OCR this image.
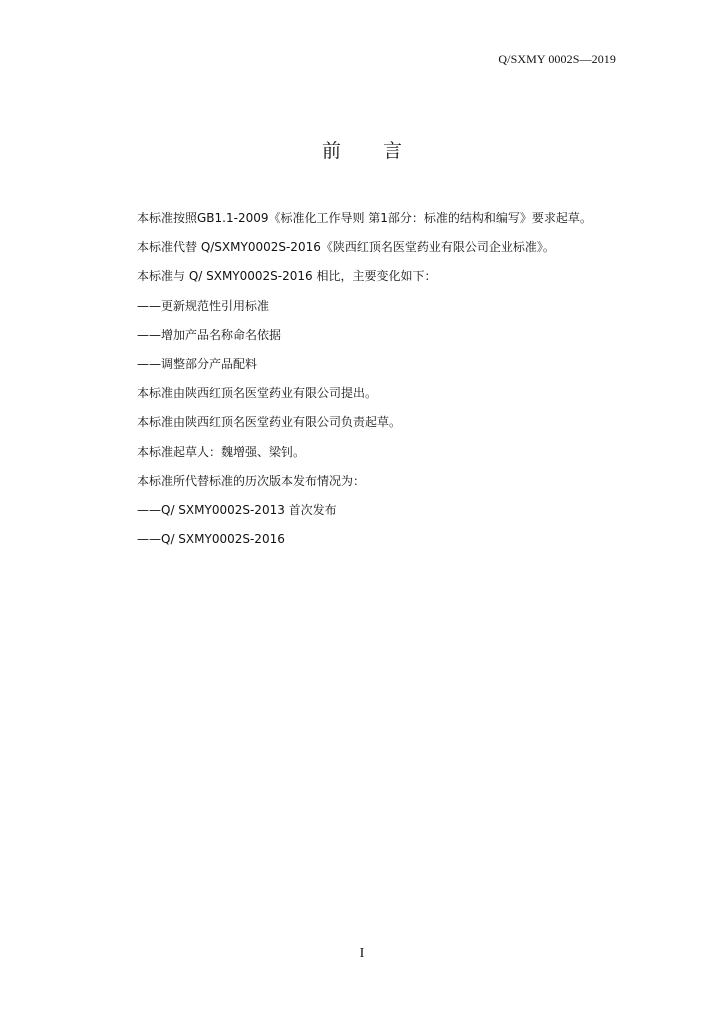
Q/SXMY 0002S—2019
前 言
本标准按照GB1.1-2009《标准化工作导则 第1部分：标准的结构和编写》要求起草。
本标准代替 Q/SXMY0002S-2016《陕西红顶名医堂药业有限公司企业标准》。
本标准与 Q/ SXMY0002S-2016 相比，主要变化如下：
——更新规范性引用标准
——增加产品名称命名依据
——调整部分产品配料
本标准由陕西红顶名医堂药业有限公司提出。
本标准由陕西红顶名医堂药业有限公司负责起草。
本标准起草人：魏增强、梁钊。
本标准所代替标准的历次版本发布情况为：
——Q/ SXMY0002S-2013 首次发布
——Q/ SXMY0002S-2016
I
